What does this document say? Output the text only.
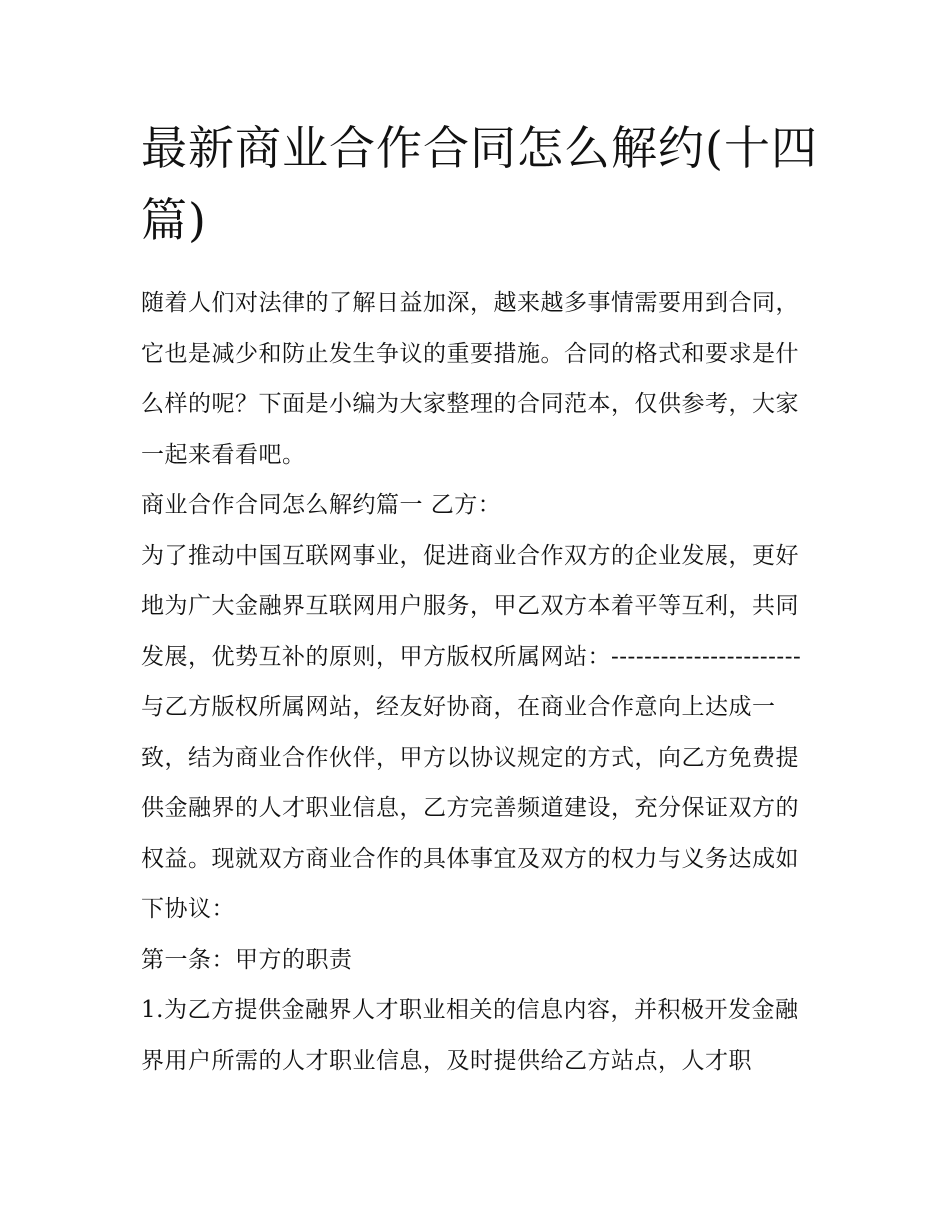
最新商业合作合同怎么解约(十四篇)

随着人们对法律的了解日益加深，越来越多事情需要用到合同，它也是减少和防止发生争议的重要措施。合同的格式和要求是什么样的呢？下面是小编为大家整理的合同范本，仅供参考，大家一起来看看吧。

商业合作合同怎么解约篇一 乙方：

为了推动中国互联网事业，促进商业合作双方的企业发展，更好地为广大金融界互联网用户服务，甲乙双方本着平等互利，共同发展，优势互补的原则，甲方版权所属网站：-----------------------与乙方版权所属网站，经友好协商，在商业合作意向上达成一致，结为商业合作伙伴，甲方以协议规定的方式，向乙方免费提供金融界的人才职业信息，乙方完善频道建设，充分保证双方的权益。现就双方商业合作的具体事宜及双方的权力与义务达成如下协议：

第一条：甲方的职责

1.为乙方提供金融界人才职业相关的信息内容，并积极开发金融界用户所需的人才职业信息，及时提供给乙方站点，人才职
